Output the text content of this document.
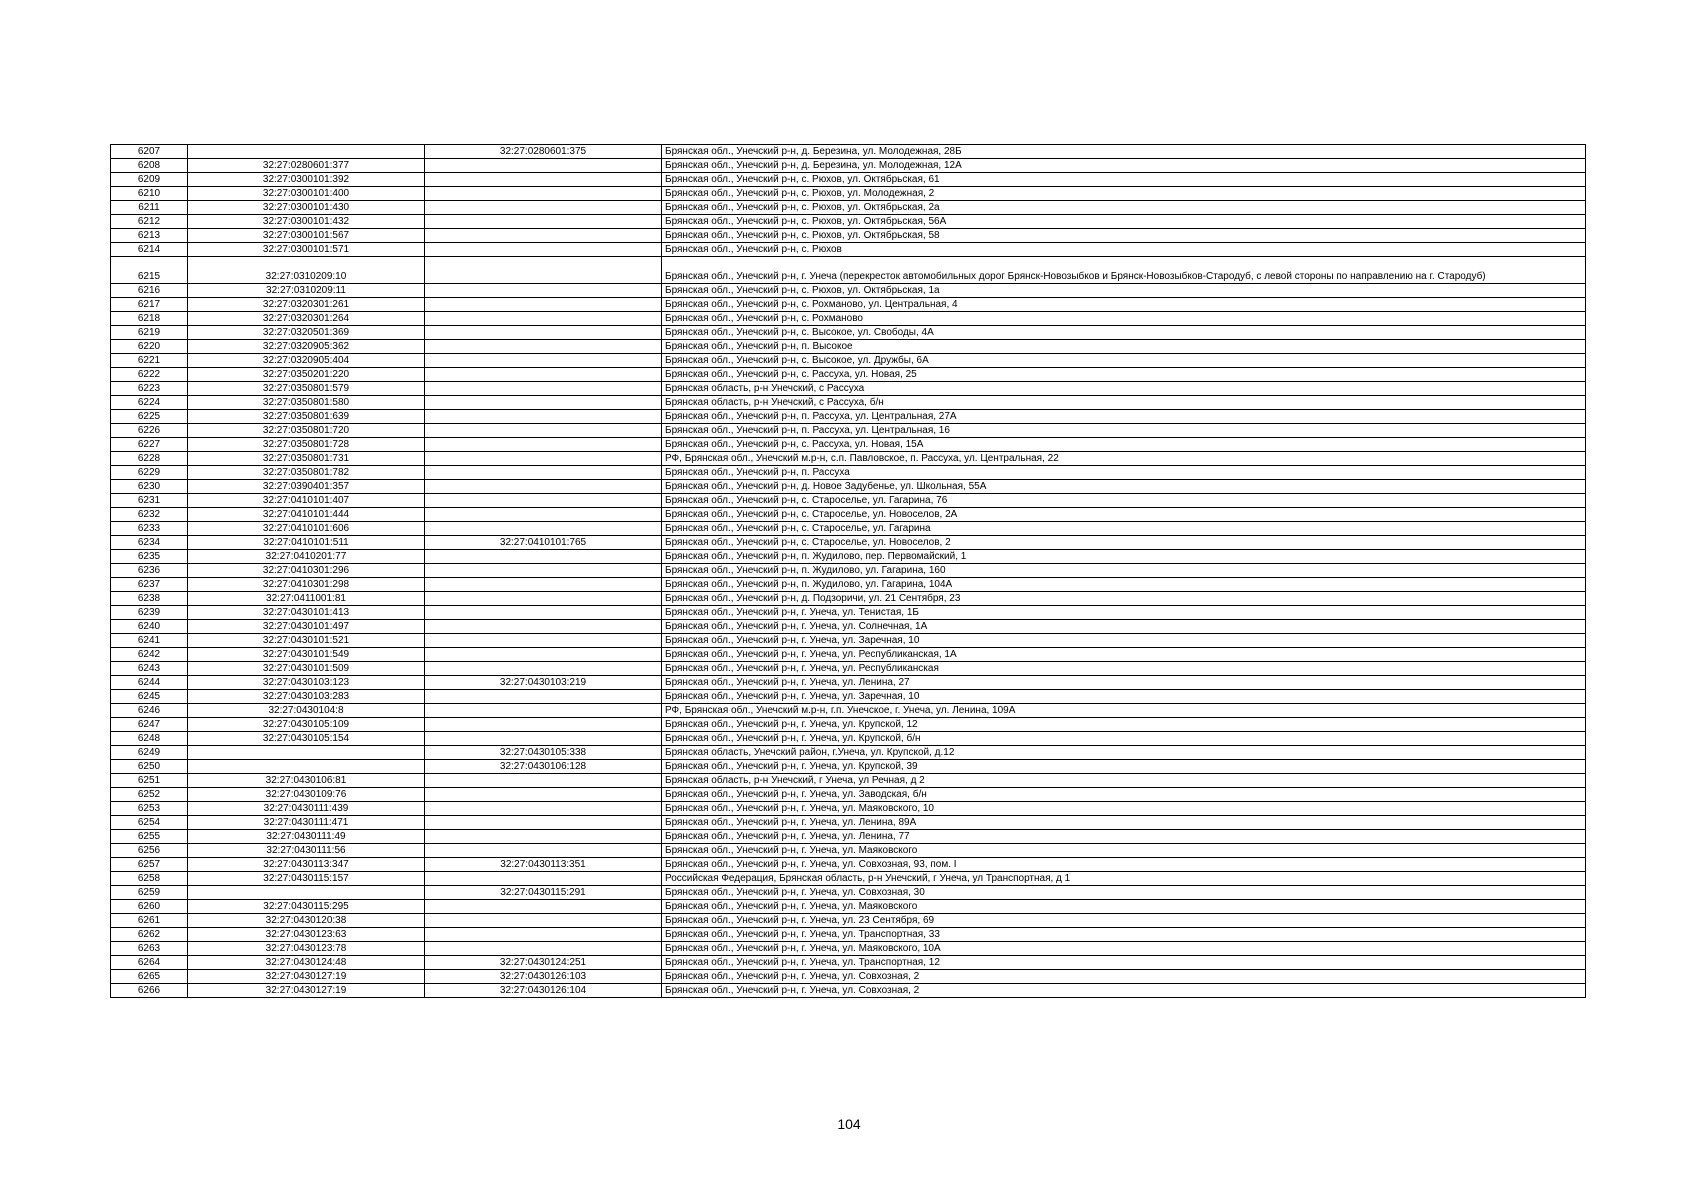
6207		32:27:0280601:375	Брянская обл., Унечский р-н, д. Березина, ул. Молодежная, 28Б
6208	32:27:0280601:377		Брянская обл., Унечский р-н, д. Березина, ул. Молодежная, 12А
6209	32:27:0300101:392		Брянская обл., Унечский р-н, с. Рюхов, ул. Октябрьская, 61
6210	32:27:0300101:400		Брянская обл., Унечский р-н, с. Рюхов, ул. Молодежная, 2
6211	32:27:0300101:430		Брянская обл., Унечский р-н, с. Рюхов, ул. Октябрьская, 2а
6212	32:27:0300101:432		Брянская обл., Унечский р-н, с. Рюхов, ул. Октябрьская, 56А
6213	32:27:0300101:567		Брянская обл., Унечский р-н, с. Рюхов, ул. Октябрьская, 58
6214	32:27:0300101:571		Брянская обл., Унечский р-н, с. Рюхов
6215	32:27:0310209:10		Брянская обл., Унечский р-н, г. Унеча (перекресток автомобильных дорог Брянск-Новозыбков и Брянск-Новозыбков-Стародуб, с левой стороны по направлению на г. Стародуб)
6216	32:27:0310209:11		Брянская обл., Унечский р-н, с. Рюхов, ул. Октябрьская, 1а
6217	32:27:0320301:261		Брянская обл., Унечский р-н, с. Рохманово, ул. Центральная, 4
6218	32:27:0320301:264		Брянская обл., Унечский р-н, с. Рохманово
6219	32:27:0320501:369		Брянская обл., Унечский р-н, с. Высокое, ул. Свободы, 4А
6220	32:27:0320905:362		Брянская обл., Унечский р-н, п. Высокое
6221	32:27:0320905:404		Брянская обл., Унечский р-н, с. Высокое, ул. Дружбы, 6А
6222	32:27:0350201:220		Брянская обл., Унечский р-н, с. Рассуха, ул. Новая, 25
6223	32:27:0350801:579		Брянская область, р-н Унечский, с Рассуха
6224	32:27:0350801:580		Брянская область, р-н Унечский, с Рассуха, б/н
6225	32:27:0350801:639		Брянская обл., Унечский р-н, п. Рассуха, ул. Центральная, 27А
6226	32:27:0350801:720		Брянская обл., Унечский р-н, п. Рассуха, ул. Центральная, 16
6227	32:27:0350801:728		Брянская обл., Унечский р-н, с. Рассуха, ул. Новая, 15А
6228	32:27:0350801:731		РФ, Брянская обл., Унечский м.р-н, с.п. Павловское, п. Рассуха, ул. Центральная, 22
6229	32:27:0350801:782		Брянская обл., Унечский р-н, п. Рассуха
6230	32:27:0390401:357		Брянская обл., Унечский р-н, д. Новое Задубенье, ул. Школьная, 55А
6231	32:27:0410101:407		Брянская обл., Унечский р-н, с. Староселье, ул. Гагарина, 76
6232	32:27:0410101:444		Брянская обл., Унечский р-н, с. Староселье, ул. Новоселов, 2А
6233	32:27:0410101:606		Брянская обл., Унечский р-н, с. Староселье, ул. Гагарина
6234	32:27:0410101:511	32:27:0410101:765	Брянская обл., Унечский р-н, с. Староселье, ул. Новоселов, 2
6235	32:27:0410201:77		Брянская обл., Унечский р-н, п. Жудилово, пер. Первомайский, 1
6236	32:27:0410301:296		Брянская обл., Унечский р-н, п. Жудилово, ул. Гагарина, 160
6237	32:27:0410301:298		Брянская обл., Унечский р-н, п. Жудилово, ул. Гагарина, 104А
6238	32:27:0411001:81		Брянская обл., Унечский р-н, д. Подзоричи, ул. 21 Сентября, 23
6239	32:27:0430101:413		Брянская обл., Унечский р-н, г. Унеча, ул. Тенистая, 1Б
6240	32:27:0430101:497		Брянская обл., Унечский р-н, г. Унеча, ул. Солнечная, 1А
6241	32:27:0430101:521		Брянская обл., Унечский р-н, г. Унеча, ул. Заречная, 10
6242	32:27:0430101:549		Брянская обл., Унечский р-н, г. Унеча, ул. Республиканская, 1А
6243	32:27:0430101:509		Брянская обл., Унечский р-н, г. Унеча, ул. Республиканская
6244	32:27:0430103:123	32:27:0430103:219	Брянская обл., Унечский р-н, г. Унеча, ул. Ленина, 27
6245	32:27:0430103:283		Брянская обл., Унечский р-н, г. Унеча, ул. Заречная, 10
6246	32:27:0430104:8		РФ, Брянская обл., Унечский м.р-н, г.п. Унечское, г. Унеча, ул. Ленина, 109А
6247	32:27:0430105:109		Брянская обл., Унечский р-н, г. Унеча, ул. Крупской, 12
6248	32:27:0430105:154		Брянская обл., Унечский р-н, г. Унеча, ул. Крупской, б/н
6249		32:27:0430105:338	Брянская область, Унечский район, г.Унеча, ул. Крупской, д.12
6250		32:27:0430106:128	Брянская обл., Унечский р-н, г. Унеча, ул. Крупской, 39
6251	32:27:0430106:81		Брянская область, р-н Унечский, г Унеча, ул Речная, д 2
6252	32:27:0430109:76		Брянская обл., Унечский р-н, г. Унеча, ул. Заводская, б/н
6253	32:27:0430111:439		Брянская обл., Унечский р-н, г. Унеча, ул. Маяковского, 10
6254	32:27:0430111:471		Брянская обл., Унечский р-н, г. Унеча, ул. Ленина, 89А
6255	32:27:0430111:49		Брянская обл., Унечский р-н, г. Унеча, ул. Ленина, 77
6256	32:27:0430111:56		Брянская обл., Унечский р-н, г. Унеча, ул. Маяковского
6257	32:27:0430113:347	32:27:0430113:351	Брянская обл., Унечский р-н, г. Унеча, ул. Совхозная, 93, пом. I
6258	32:27:0430115:157		Российская Федерация, Брянская область, р-н Унечский, г Унеча, ул Транспортная, д 1
6259		32:27:0430115:291	Брянская обл., Унечский р-н, г. Унеча, ул. Совхозная, 30
6260	32:27:0430115:295		Брянская обл., Унечский р-н, г. Унеча, ул. Маяковского
6261	32:27:0430120:38		Брянская обл., Унечский р-н, г. Унеча, ул. 23 Сентября, 69
6262	32:27:0430123:63		Брянская обл., Унечский р-н, г. Унеча, ул. Транспортная, 33
6263	32:27:0430123:78		Брянская обл., Унечский р-н, г. Унеча, ул. Маяковского, 10А
6264	32:27:0430124:48	32:27:0430124:251	Брянская обл., Унечский р-н, г. Унеча, ул. Транспортная, 12
6265	32:27:0430127:19	32:27:0430126:103	Брянская обл., Унечский р-н, г. Унеча, ул. Совхозная, 2
6266	32:27:0430127:19	32:27:0430126:104	Брянская обл., Унечский р-н, г. Унеча, ул. Совхозная, 2
104
